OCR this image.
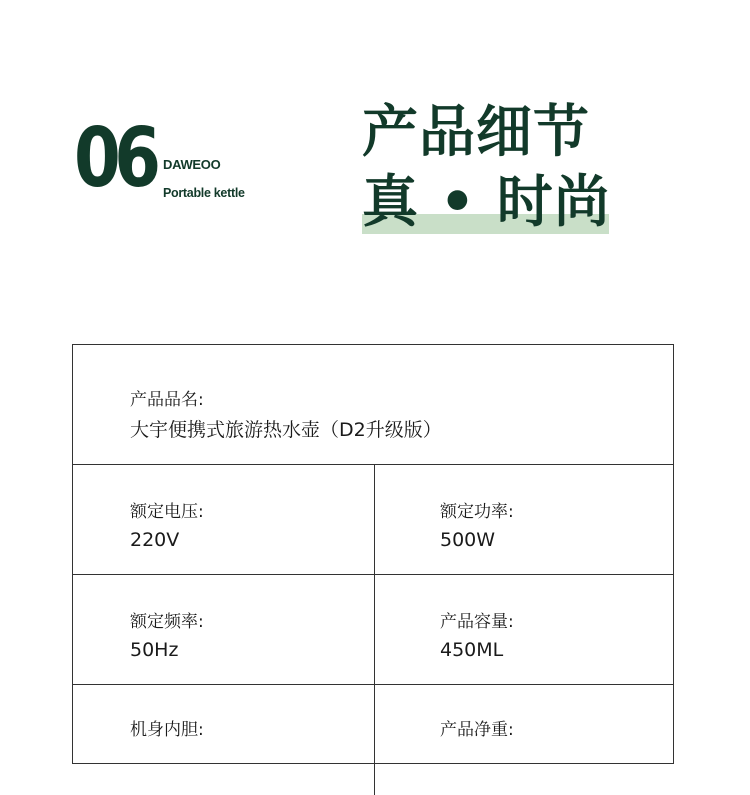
06 DAWEOO
Portable kettle
产品细节
真 • 时尚
产品品名:
大宇便携式旅游热水壶（D2升级版）
额定电压:
220V
额定功率:
500W
额定频率:
50Hz
产品容量:
450ML
机身内胆:	产品净重:
